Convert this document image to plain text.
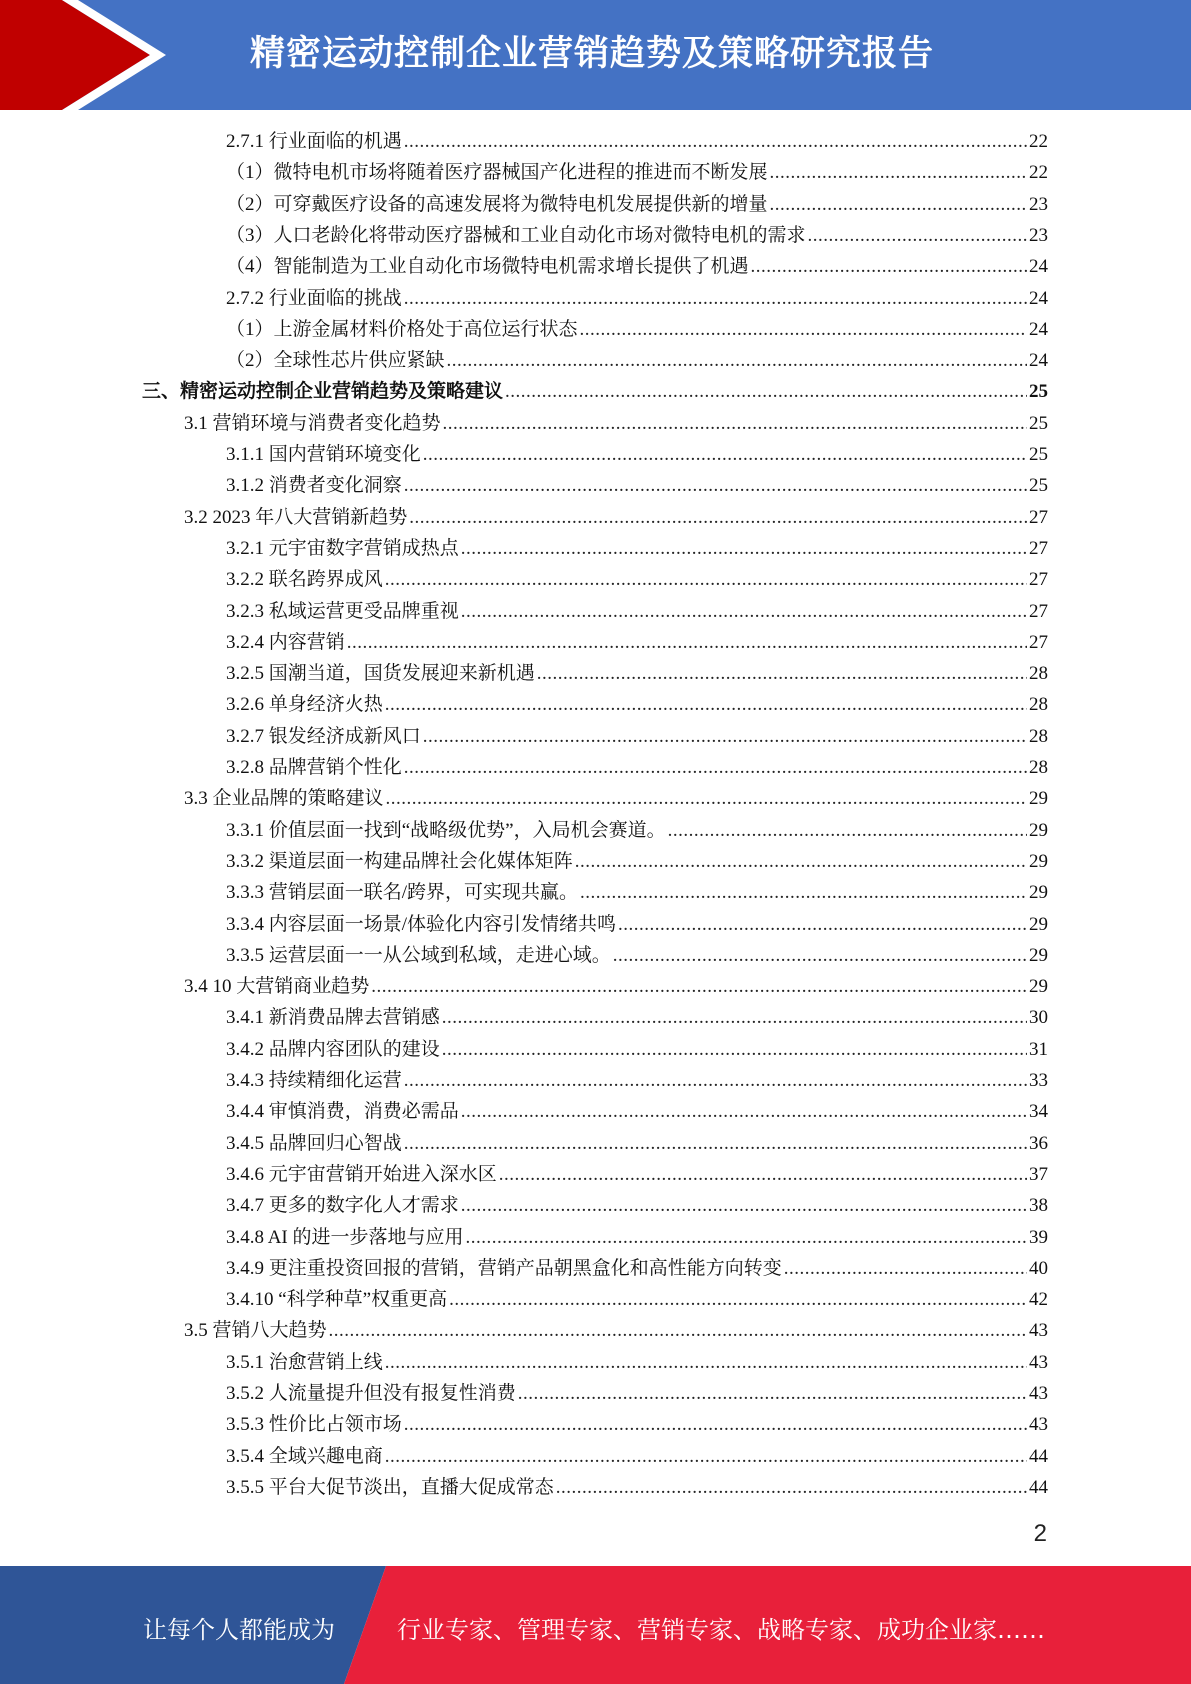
精密运动控制企业营销趋势及策略研究报告
2.7.1 行业面临的机遇 .....	22
（1）微特电机市场将随着医疗器械国产化进程的推进而不断发展 .....	22
（2）可穿戴医疗设备的高速发展将为微特电机发展提供新的增量 .....	23
（3）人口老龄化将带动医疗器械和工业自动化市场对微特电机的需求 .....	23
（4）智能制造为工业自动化市场微特电机需求增长提供了机遇 .....	24
2.7.2 行业面临的挑战 .....	24
（1）上游金属材料价格处于高位运行状态 .....	24
（2）全球性芯片供应紧缺 .....	24
三、精密运动控制企业营销趋势及策略建议 .....	25
3.1 营销环境与消费者变化趋势 .....	25
3.1.1 国内营销环境变化 .....	25
3.1.2 消费者变化洞察 .....	25
3.2 2023 年八大营销新趋势 .....	27
3.2.1 元宇宙数字营销成热点 .....	27
3.2.2 联名跨界成风 .....	27
3.2.3 私域运营更受品牌重视 .....	27
3.2.4 内容营销 .....	27
3.2.5 国潮当道，国货发展迎来新机遇 .....	28
3.2.6 单身经济火热 .....	28
3.2.7 银发经济成新风口 .....	28
3.2.8 品牌营销个性化 .....	28
3.3 企业品牌的策略建议 .....	29
3.3.1 价值层面一找到“战略级优势”，入局机会赛道。 .....	29
3.3.2 渠道层面一构建品牌社会化媒体矩阵 .....	29
3.3.3 营销层面一联名/跨界，可实现共赢。 .....	29
3.3.4 内容层面一场景/体验化内容引发情绪共鸣 .....	29
3.3.5 运营层面一一从公域到私域，走进心域。 .....	29
3.4 10 大营销商业趋势 .....	29
3.4.1 新消费品牌去营销感 .....	30
3.4.2 品牌内容团队的建设 .....	31
3.4.3 持续精细化运营 .....	33
3.4.4 审慎消费，消费必需品 .....	34
3.4.5 品牌回归心智战 .....	36
3.4.6 元宇宙营销开始进入深水区 .....	37
3.4.7 更多的数字化人才需求 .....	38
3.4.8 AI 的进一步落地与应用 .....	39
3.4.9 更注重投资回报的营销，营销产品朝黑盒化和高性能方向转变 .....	40
3.4.10 “科学种草”权重更高 .....	42
3.5 营销八大趋势 .....	43
3.5.1 治愈营销上线 .....	43
3.5.2 人流量提升但没有报复性消费 .....	43
3.5.3 性价比占领市场 .....	43
3.5.4 全域兴趣电商 .....	44
3.5.5 平台大促节淡出，直播大促成常态 .....	44
2
让每个人都能成为	行业专家、管理专家、营销专家、战略专家、成功企业家……
